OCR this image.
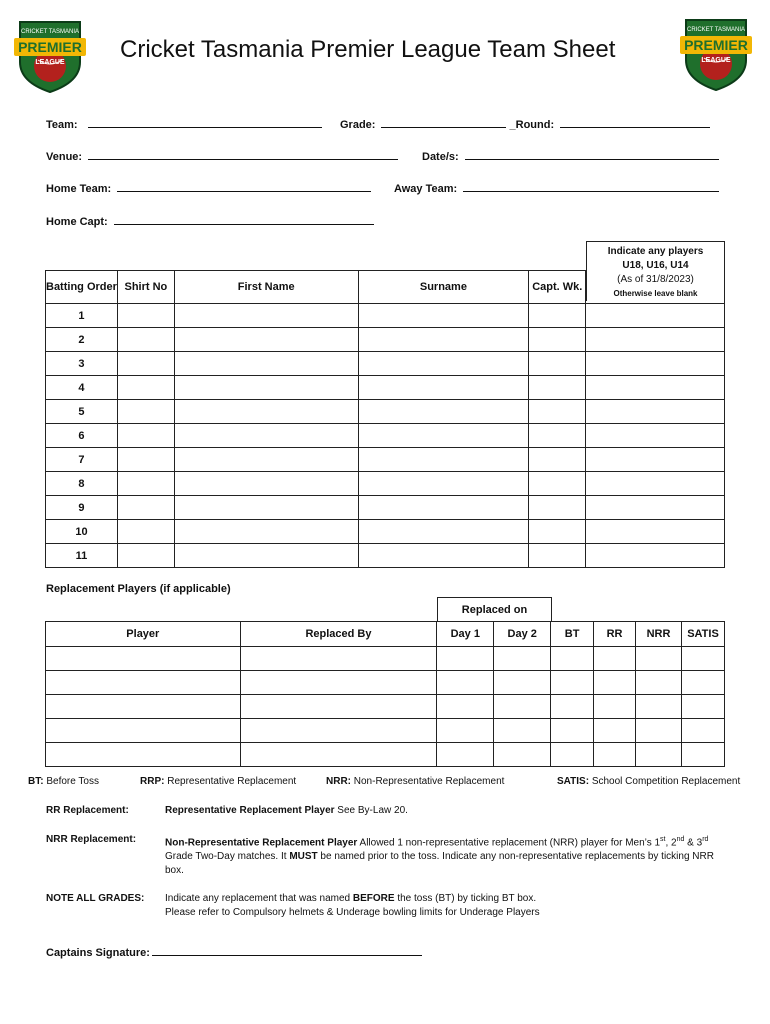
PREMIER
CRICKET TASMANIA
LEAGUE
PREMIER
CRICKET TASMANIA
LEAGUE
Cricket Tasmania Premier League Team Sheet
Team:	Grade:	_Round:
Venue:	Date/s:
Home Team:	Away Team:
Home Capt:
Indicate any players
U18, U16, U14
(As of 31/8/2023)
Otherwise leave blank
Batting Order	Shirt No	First Name	Surname	Capt. Wk.	
1					
2					
3					
4					
5					
6					
7					
8					
9					
10					
11					
Replacement Players (if applicable)
Replaced on
Player	Replaced By	Day 1	Day 2	BT	RR	NRR	SATIS

BT: Before Toss	RRP: Representative Replacement	NRR: Non-Representative Replacement	SATIS: School Competition Replacement
RR Replacement:	Representative Replacement Player See By-Law 20.
NRR Replacement:	Non-Representative Replacement Player Allowed 1 non-representative replacement (NRR) player for Men’s 1st, 2nd & 3rd Grade Two-Day matches. It MUST be named prior to the toss. Indicate any non-representative replacements by ticking NRR box.
NOTE ALL GRADES: Indicate any replacement that was named BEFORE the toss (BT) by ticking BT box.
Please refer to Compulsory helmets & Underage bowling limits for Underage Players
Captains Signature:
